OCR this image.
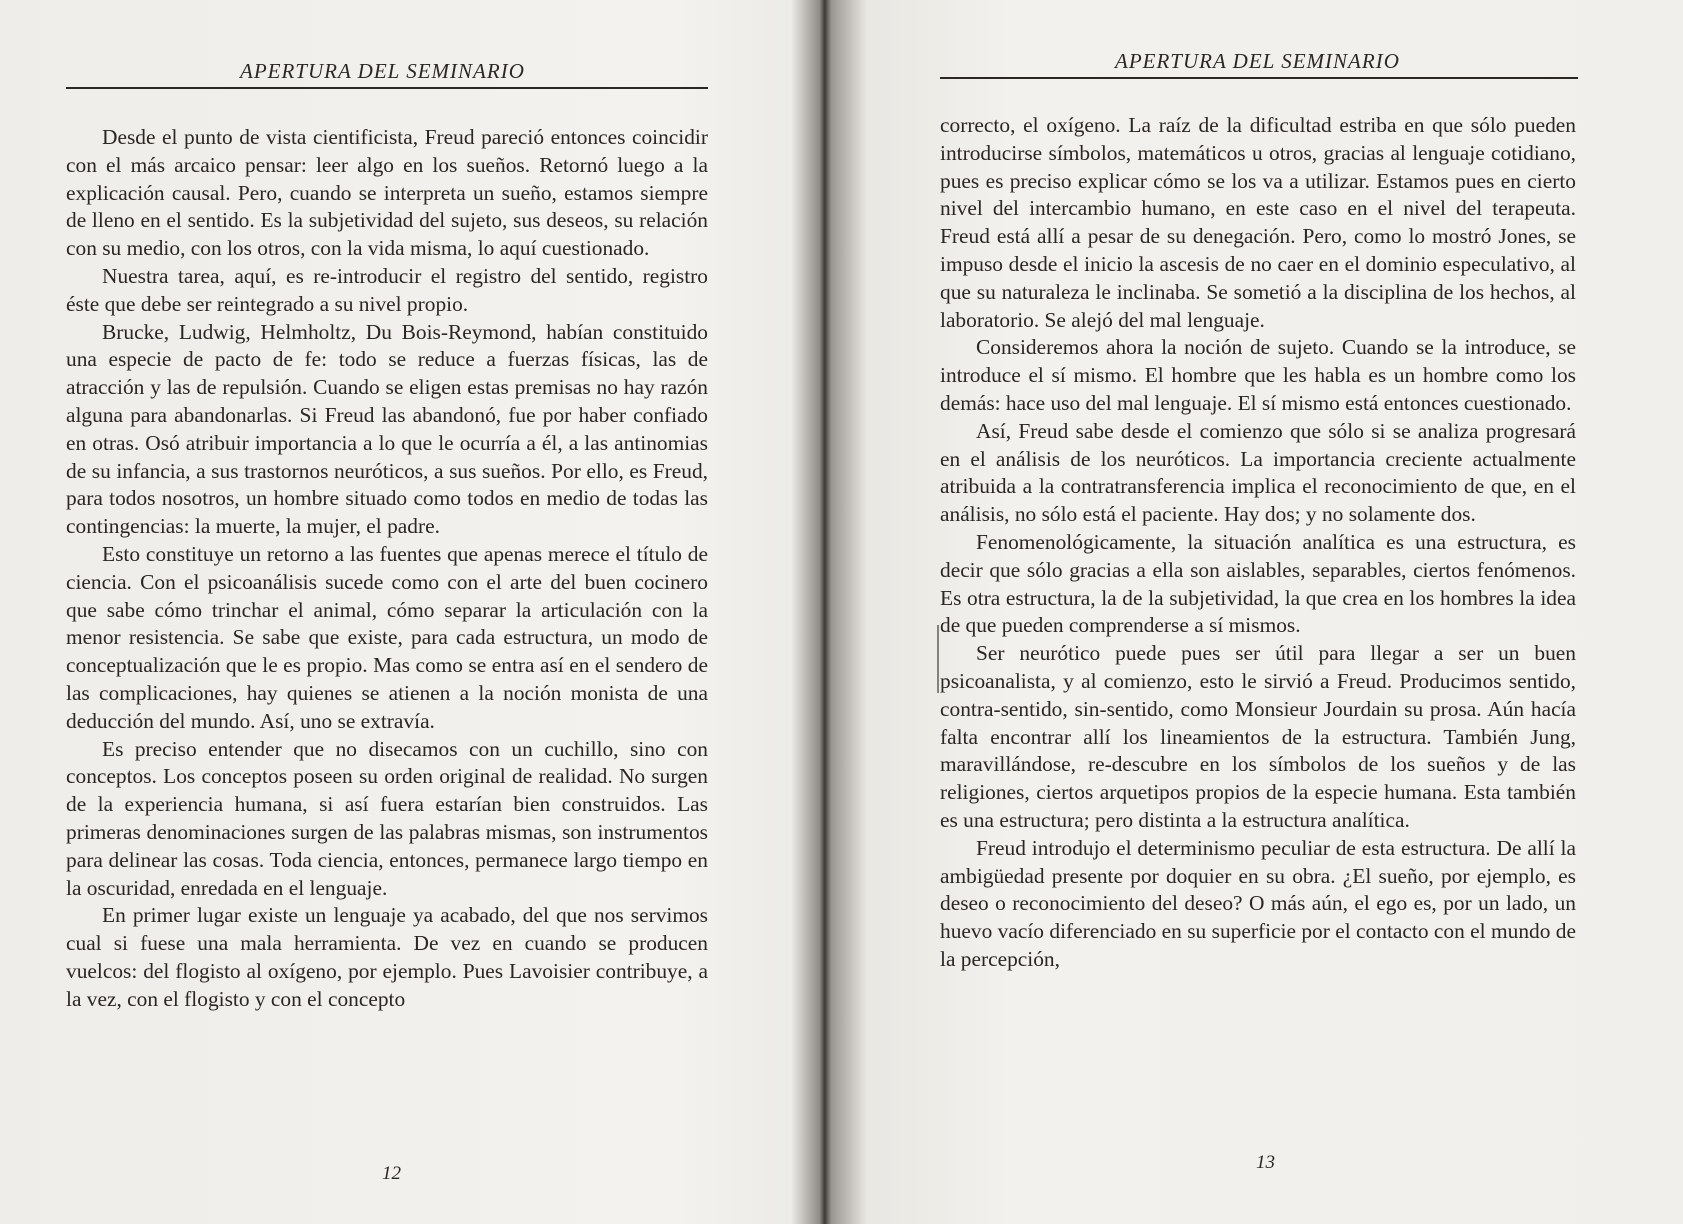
APERTURA DEL SEMINARIO

Desde el punto de vista cientificista, Freud pareció entonces coincidir con el más arcaico pensar: leer algo en los sueños. Retornó luego a la explicación causal. Pero, cuando se interpreta un sueño, estamos siempre de lleno en el sentido. Es la subjetividad del sujeto, sus deseos, su relación con su medio, con los otros, con la vida misma, lo aquí cuestionado.

Nuestra tarea, aquí, es re-introducir el registro del sentido, registro éste que debe ser reintegrado a su nivel propio.

Brucke, Ludwig, Helmholtz, Du Bois-Reymond, habían constituido una especie de pacto de fe: todo se reduce a fuerzas físicas, las de atracción y las de repulsión. Cuando se eligen estas premisas no hay razón alguna para abandonarlas. Si Freud las abandonó, fue por haber confiado en otras. Osó atribuir importancia a lo que le ocurría a él, a las antinomias de su infancia, a sus trastornos neuróticos, a sus sueños. Por ello, es Freud, para todos nosotros, un hombre situado como todos en medio de todas las contingencias: la muerte, la mujer, el padre.

Esto constituye un retorno a las fuentes que apenas merece el título de ciencia. Con el psicoanálisis sucede como con el arte del buen cocinero que sabe cómo trinchar el animal, cómo separar la articulación con la menor resistencia. Se sabe que existe, para cada estructura, un modo de conceptualización que le es propio. Mas como se entra así en el sendero de las complicaciones, hay quienes se atienen a la noción monista de una deducción del mundo. Así, uno se extravía.

Es preciso entender que no disecamos con un cuchillo, sino con conceptos. Los conceptos poseen su orden original de realidad. No surgen de la experiencia humana, si así fuera estarían bien construidos. Las primeras denominaciones surgen de las palabras mismas, son instrumentos para delinear las cosas. Toda ciencia, entonces, permanece largo tiempo en la oscuridad, enredada en el lenguaje.

En primer lugar existe un lenguaje ya acabado, del que nos servimos cual si fuese una mala herramienta. De vez en cuando se producen vuelcos: del flogisto al oxígeno, por ejemplo. Pues Lavoisier contribuye, a la vez, con el flogisto y con el concepto

12
APERTURA DEL SEMINARIO

correcto, el oxígeno. La raíz de la dificultad estriba en que sólo pueden introducirse símbolos, matemáticos u otros, gracias al lenguaje cotidiano, pues es preciso explicar cómo se los va a utilizar. Estamos pues en cierto nivel del intercambio humano, en este caso en el nivel del terapeuta. Freud está allí a pesar de su denegación. Pero, como lo mostró Jones, se impuso desde el inicio la ascesis de no caer en el dominio especulativo, al que su naturaleza le inclinaba. Se sometió a la disciplina de los hechos, al laboratorio. Se alejó del mal lenguaje.

Consideremos ahora la noción de sujeto. Cuando se la introduce, se introduce el sí mismo. El hombre que les habla es un hombre como los demás: hace uso del mal lenguaje. El sí mismo está entonces cuestionado.

Así, Freud sabe desde el comienzo que sólo si se analiza progresará en el análisis de los neuróticos. La importancia creciente actualmente atribuida a la contratransferencia implica el reconocimiento de que, en el análisis, no sólo está el paciente. Hay dos; y no solamente dos.

Fenomenológicamente, la situación analítica es una estructura, es decir que sólo gracias a ella son aislables, separables, ciertos fenómenos. Es otra estructura, la de la subjetividad, la que crea en los hombres la idea de que pueden comprenderse a sí mismos.

Ser neurótico puede pues ser útil para llegar a ser un buen psicoanalista, y al comienzo, esto le sirvió a Freud. Producimos sentido, contra-sentido, sin-sentido, como Monsieur Jourdain su prosa. Aún hacía falta encontrar allí los lineamientos de la estructura. También Jung, maravillándose, re-descubre en los símbolos de los sueños y de las religiones, ciertos arquetipos propios de la especie humana. Esta también es una estructura; pero distinta a la estructura analítica.

Freud introdujo el determinismo peculiar de esta estructura. De allí la ambigüedad presente por doquier en su obra. ¿El sueño, por ejemplo, es deseo o reconocimiento del deseo? O más aún, el ego es, por un lado, un huevo vacío diferenciado en su superficie por el contacto con el mundo de la percepción,

13
